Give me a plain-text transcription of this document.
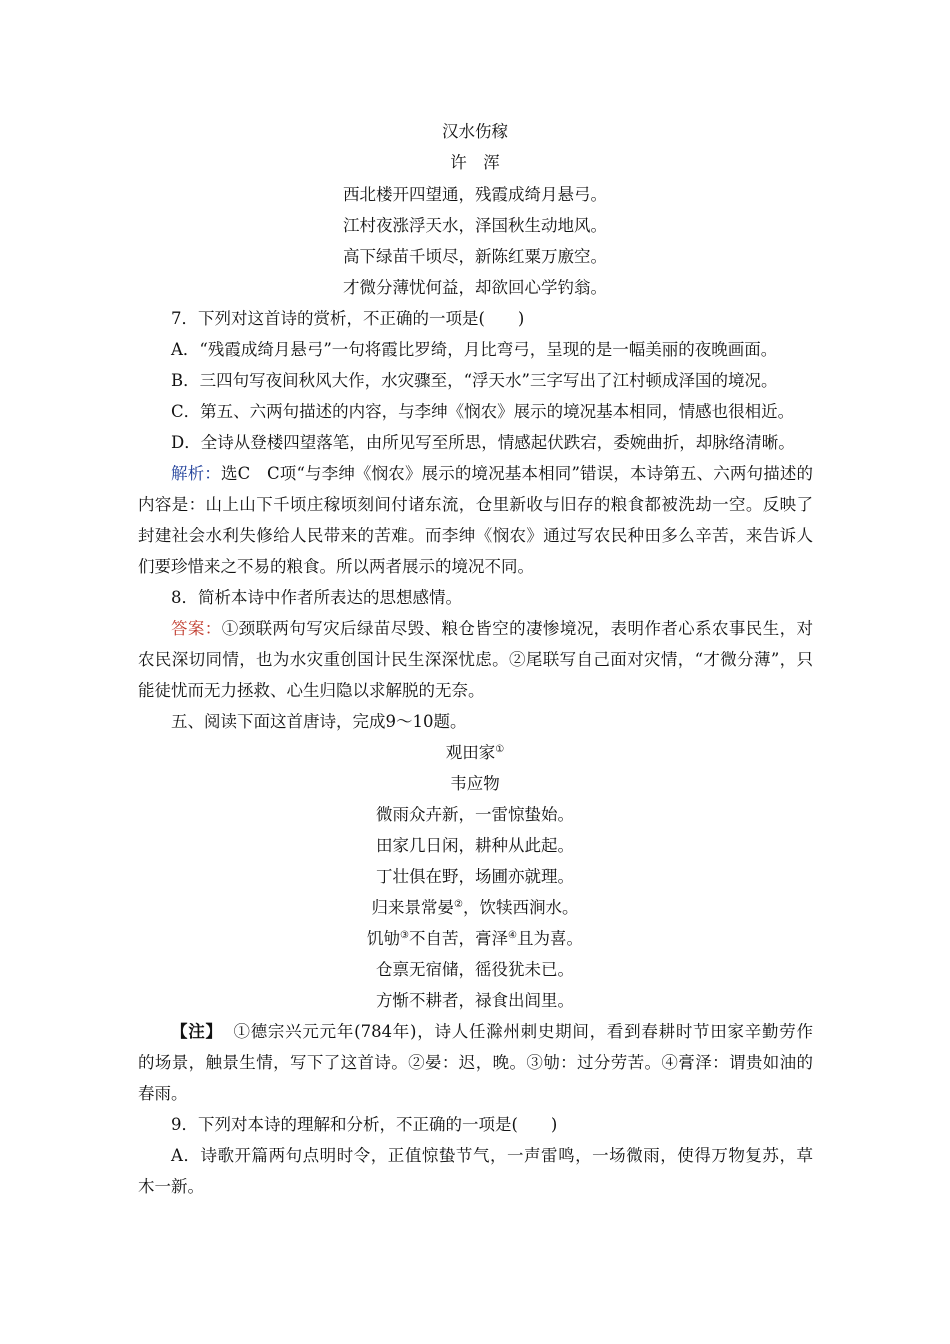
汉水伤稼
许　浑
西北楼开四望通，残霞成绮月悬弓。
江村夜涨浮天水，泽国秋生动地风。
高下绿苗千顷尽，新陈红粟万廒空。
才微分薄忧何益，却欲回心学钓翁。
7．下列对这首诗的赏析，不正确的一项是(　　)
A．“残霞成绮月悬弓”一句将霞比罗绮，月比弯弓，呈现的是一幅美丽的夜晚画面。
B．三四句写夜间秋风大作，水灾骤至，“浮天水”三字写出了江村顿成泽国的境况。
C．第五、六两句描述的内容，与李绅《悯农》展示的境况基本相同，情感也很相近。
D．全诗从登楼四望落笔，由所见写至所思，情感起伏跌宕，委婉曲折，却脉络清晰。
解析：选C　C项“与李绅《悯农》展示的境况基本相同”错误，本诗第五、六两句描述的
内容是：山上山下千顷庄稼顷刻间付诸东流，仓里新收与旧存的粮食都被洗劫一空。反映了
封建社会水利失修给人民带来的苦难。而李绅《悯农》通过写农民种田多么辛苦，来告诉人
们要珍惜来之不易的粮食。所以两者展示的境况不同。
8．简析本诗中作者所表达的思想感情。
答案：①颈联两句写灾后绿苗尽毁、粮仓皆空的凄惨境况，表明作者心系农事民生，对
农民深切同情，也为水灾重创国计民生深深忧虑。②尾联写自己面对灾情，“才微分薄”，只
能徒忧而无力拯救、心生归隐以求解脱的无奈。
五、阅读下面这首唐诗，完成9～10题。
观田家①
韦应物
微雨众卉新，一雷惊蛰始。
田家几日闲，耕种从此起。
丁壮俱在野，场圃亦就理。
归来景常晏②，饮犊西涧水。
饥劬③不自苦，膏泽④且为喜。
仓禀无宿储，徭役犹未已。
方惭不耕者，禄食出闾里。
【注】 ①德宗兴元元年(784年)，诗人任滁州刺史期间，看到春耕时节田家辛勤劳作
的场景，触景生情，写下了这首诗。②晏：迟，晚。③劬：过分劳苦。④膏泽：谓贵如油的
春雨。
9．下列对本诗的理解和分析，不正确的一项是(　　)
A．诗歌开篇两句点明时令，正值惊蛰节气，一声雷鸣，一场微雨，使得万物复苏，草
木一新。
